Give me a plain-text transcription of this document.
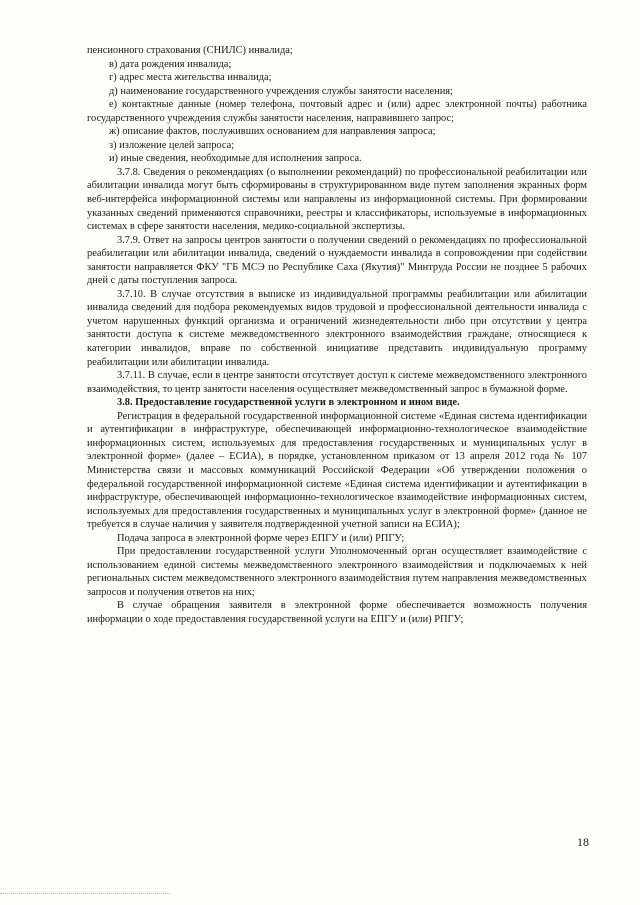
пенсионного страхования (СНИЛС) инвалида;

в) дата рождения инвалида;

г) адрес места жительства инвалида;

д) наименование государственного учреждения службы занятости населения;

е) контактные данные (номер телефона, почтовый адрес и (или) адрес электронной почты) работника государственного учреждения службы занятости населения, направившего запрос;

ж) описание фактов, послуживших основанием для направления запроса;

з) изложение целей запроса;

и) иные сведения, необходимые для исполнения запроса.

3.7.8. Сведения о рекомендациях (о выполнении рекомендаций) по профессиональной реабилитации или абилитации инвалида могут быть сформированы в структурированном виде путем заполнения экранных форм веб-интерфейса информационной системы или направлены из информационной системы. При формировании указанных сведений применяются справочники, реестры и классификаторы, используемые в информационных системах в сфере занятости населения, медико-социальной экспертизы.

3.7.9. Ответ на запросы центров занятости о получении сведений о рекомендациях по профессиональной реабилитации или абилитации инвалида, сведений о нуждаемости инвалида в сопровождении при содействии занятости направляется ФКУ "ГБ МСЭ по Республике Саха (Якутия)" Минтруда России не позднее 5 рабочих дней с даты поступления запроса.

3.7.10. В случае отсутствия в выписке из индивидуальной программы реабилитации или абилитации инвалида сведений для подбора рекомендуемых видов трудовой и профессиональной деятельности инвалида с учетом нарушенных функций организма и ограничений жизнедеятельности либо при отсутствии у центра занятости доступа к системе межведомственного электронного взаимодействия граждане, относящиеся к категории инвалидов, вправе по собственной инициативе представить индивидуальную программу реабилитации или абилитации инвалида.

3.7.11. В случае, если в центре занятости отсутствует доступ к системе межведомственного электронного взаимодействия, то центр занятости населения осуществляет межведомственный запрос в бумажной форме.

3.8. Предоставление государственной услуги в электронном и ином виде.

Регистрация в федеральной государственной информационной системе «Единая система идентификации и аутентификации в инфраструктуре, обеспечивающей информационно-технологическое взаимодействие информационных систем, используемых для предоставления государственных и муниципальных услуг в электронной форме» (далее – ЕСИА), в порядке, установленном приказом от 13 апреля 2012 года № 107 Министерства связи и массовых коммуникаций Российской Федерации «Об утверждении положения о федеральной государственной информационной системе «Единая система идентификации и аутентификации в инфраструктуре, обеспечивающей информационно-технологическое взаимодействие информационных систем, используемых для предоставления государственных и муниципальных услуг в электронной форме» (данное не требуется в случае наличия у заявителя подтвержденной учетной записи на ЕСИА);

Подача запроса в электронной форме через ЕПГУ и (или) РПГУ;

При предоставлении государственной услуги Уполномоченный орган осуществляет взаимодействие с использованием единой системы межведомственного электронного взаимодействия и подключаемых к ней региональных систем межведомственного электронного взаимодействия путем направления межведомственных запросов и получения ответов на них;

В случае обращения заявителя в электронной форме обеспечивается возможность получения информации о ходе предоставления государственной услуги на ЕПГУ и (или) РПГУ;

18
